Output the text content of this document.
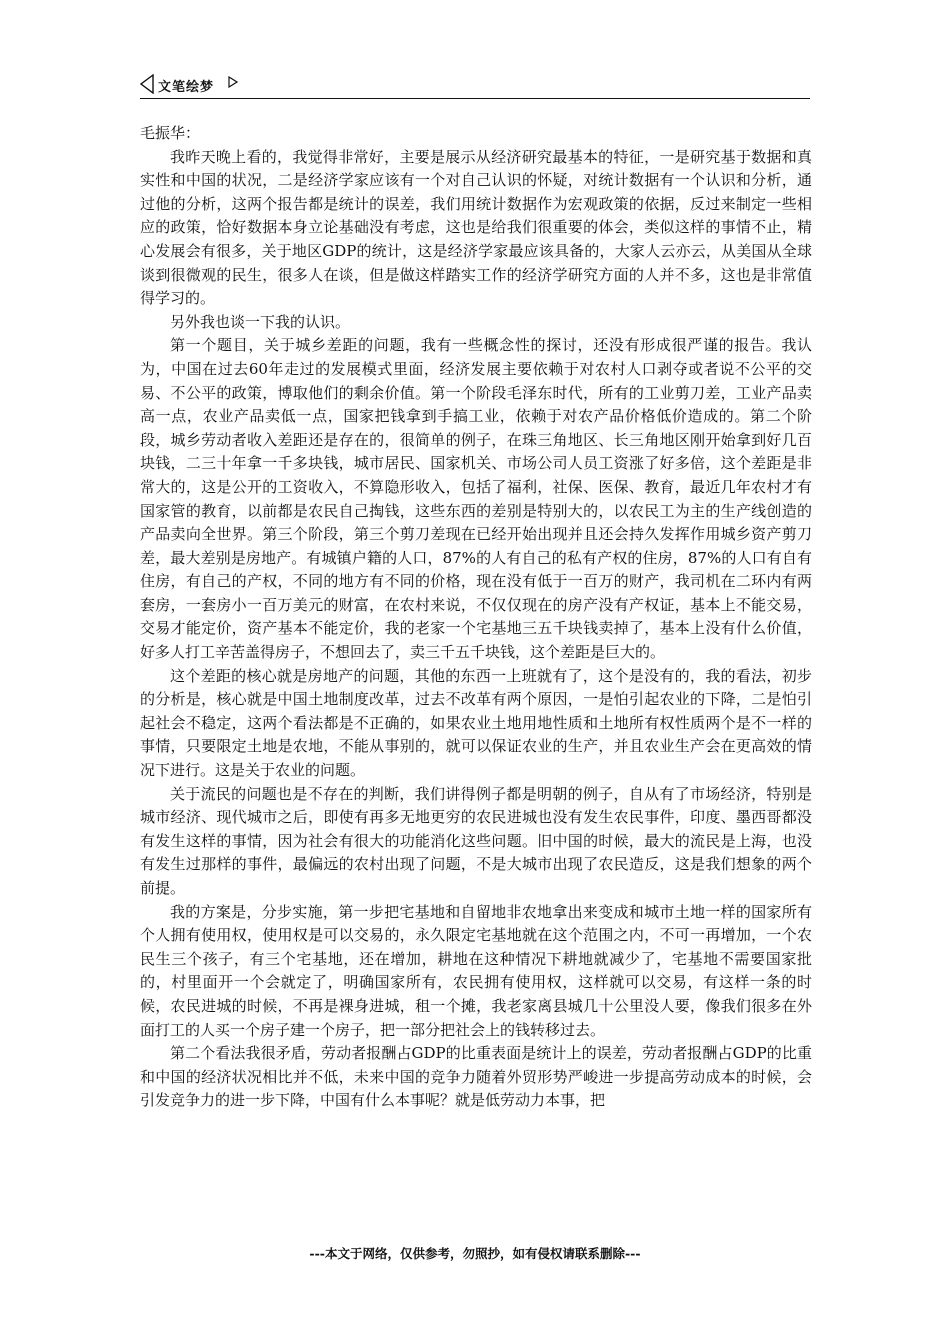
文笔绘梦

毛振华：

我昨天晚上看的，我觉得非常好，主要是展示从经济研究最基本的特征，一是研究基于数据和真实性和中国的状况，二是经济学家应该有一个对自己认识的怀疑，对统计数据有一个认识和分析，通过他的分析，这两个报告都是统计的误差，我们用统计数据作为宏观政策的依据，反过来制定一些相应的政策，恰好数据本身立论基础没有考虑，这也是给我们很重要的体会，类似这样的事情不止，精心发展会有很多，关于地区GDP的统计，这是经济学家最应该具备的，大家人云亦云，从美国从全球谈到很微观的民生，很多人在谈，但是做这样踏实工作的经济学研究方面的人并不多，这也是非常值得学习的。

另外我也谈一下我的认识。

第一个题目，关于城乡差距的问题，我有一些概念性的探讨，还没有形成很严谨的报告。我认为，中国在过去60年走过的发展模式里面，经济发展主要依赖于对农村人口剥夺或者说不公平的交易、不公平的政策，博取他们的剩余价值。第一个阶段毛泽东时代，所有的工业剪刀差，工业产品卖高一点，农业产品卖低一点，国家把钱拿到手搞工业，依赖于对农产品价格低价造成的。第二个阶段，城乡劳动者收入差距还是存在的，很简单的例子，在珠三角地区、长三角地区刚开始拿到好几百块钱，二三十年拿一千多块钱，城市居民、国家机关、市场公司人员工资涨了好多倍，这个差距是非常大的，这是公开的工资收入，不算隐形收入，包括了福利，社保、医保、教育，最近几年农村才有国家管的教育，以前都是农民自己掏钱，这些东西的差别是特别大的，以农民工为主的生产线创造的产品卖向全世界。第三个阶段，第三个剪刀差现在已经开始出现并且还会持久发挥作用城乡资产剪刀差，最大差别是房地产。有城镇户籍的人口，87%的人有自己的私有产权的住房，87%的人口有自有住房，有自己的产权，不同的地方有不同的价格，现在没有低于一百万的财产，我司机在二环内有两套房，一套房小一百万美元的财富，在农村来说，不仅仅现在的房产没有产权证，基本上不能交易，交易才能定价，资产基本不能定价，我的老家一个宅基地三五千块钱卖掉了，基本上没有什么价值，好多人打工辛苦盖得房子，不想回去了，卖三千五千块钱，这个差距是巨大的。

这个差距的核心就是房地产的问题，其他的东西一上班就有了，这个是没有的，我的看法，初步的分析是，核心就是中国土地制度改革，过去不改革有两个原因，一是怕引起农业的下降，二是怕引起社会不稳定，这两个看法都是不正确的，如果农业土地用地性质和土地所有权性质两个是不一样的事情，只要限定土地是农地，不能从事别的，就可以保证农业的生产，并且农业生产会在更高效的情况下进行。这是关于农业的问题。

关于流民的问题也是不存在的判断，我们讲得例子都是明朝的例子，自从有了市场经济，特别是城市经济、现代城市之后，即使有再多无地更穷的农民进城也没有发生农民事件，印度、墨西哥都没有发生这样的事情，因为社会有很大的功能消化这些问题。旧中国的时候，最大的流民是上海，也没有发生过那样的事件，最偏远的农村出现了问题，不是大城市出现了农民造反，这是我们想象的两个前提。

我的方案是，分步实施，第一步把宅基地和自留地非农地拿出来变成和城市土地一样的国家所有个人拥有使用权，使用权是可以交易的，永久限定宅基地就在这个范围之内，不可一再增加，一个农民生三个孩子，有三个宅基地，还在增加，耕地在这种情况下耕地就减少了，宅基地不需要国家批的，村里面开一个会就定了，明确国家所有，农民拥有使用权，这样就可以交易，有这样一条的时候，农民进城的时候，不再是裸身进城，租一个摊，我老家离县城几十公里没人要，像我们很多在外面打工的人买一个房子建一个房子，把一部分把社会上的钱转移过去。

第二个看法我很矛盾，劳动者报酬占GDP的比重表面是统计上的误差，劳动者报酬占GDP的比重和中国的经济状况相比并不低，未来中国的竞争力随着外贸形势严峻进一步提高劳动成本的时候，会引发竞争力的进一步下降，中国有什么本事呢？就是低劳动力本事，把

---本文于网络，仅供参考，勿照抄，如有侵权请联系删除---
